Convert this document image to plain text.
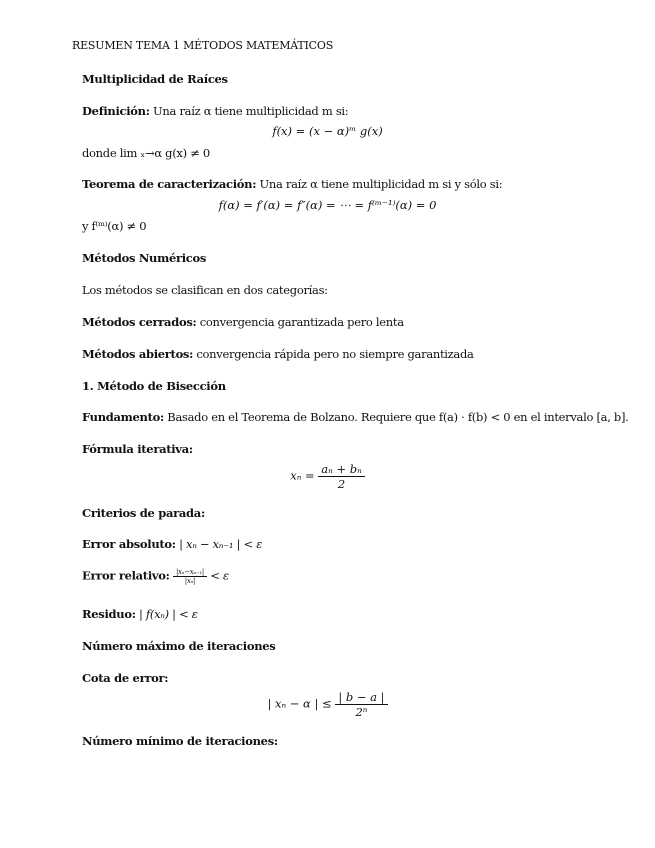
RESUMEN TEMA 1 MÉTODOS MATEMÁTICOS
Multiplicidad de Raíces
Definición: Una raíz α tiene multiplicidad m si:
f(x) = (x − α)ᵐ g(x)
donde lim ₓ→α g(x) ≠ 0
Teorema de caracterización: Una raíz α tiene multiplicidad m si y sólo si:
f(α) = f′(α) = f″(α) = ⋯ = f⁽ᵐ⁻¹⁾(α) = 0
y f⁽ᵐ⁾(α) ≠ 0
Métodos Numéricos
Los métodos se clasifican en dos categorías:
Métodos cerrados: convergencia garantizada pero lenta
Métodos abiertos: convergencia rápida pero no siempre garantizada
1. Método de Bisección
Fundamento: Basado en el Teorema de Bolzano. Requiere que f(a) · f(b) < 0 en el intervalo [a, b].
Fórmula iterativa:
$x_n = \frac{\text{aₙ + bₙ}}{2}$
Criterios de parada:
Error absoluto: | xₙ − xₙ₋₁ | < ε
Error relativo: $\frac{\text{|xₙ−xₙ₋₁|}}{\text{|xₙ|}} < \varepsilon$
Residuo: | f(xₙ) | < ε
Número máximo de iteraciones
Cota de error:
| xₙ − α | ≤ $\frac{| b - a |}{\text{2ⁿ}}$
Número mínimo de iteraciones:
